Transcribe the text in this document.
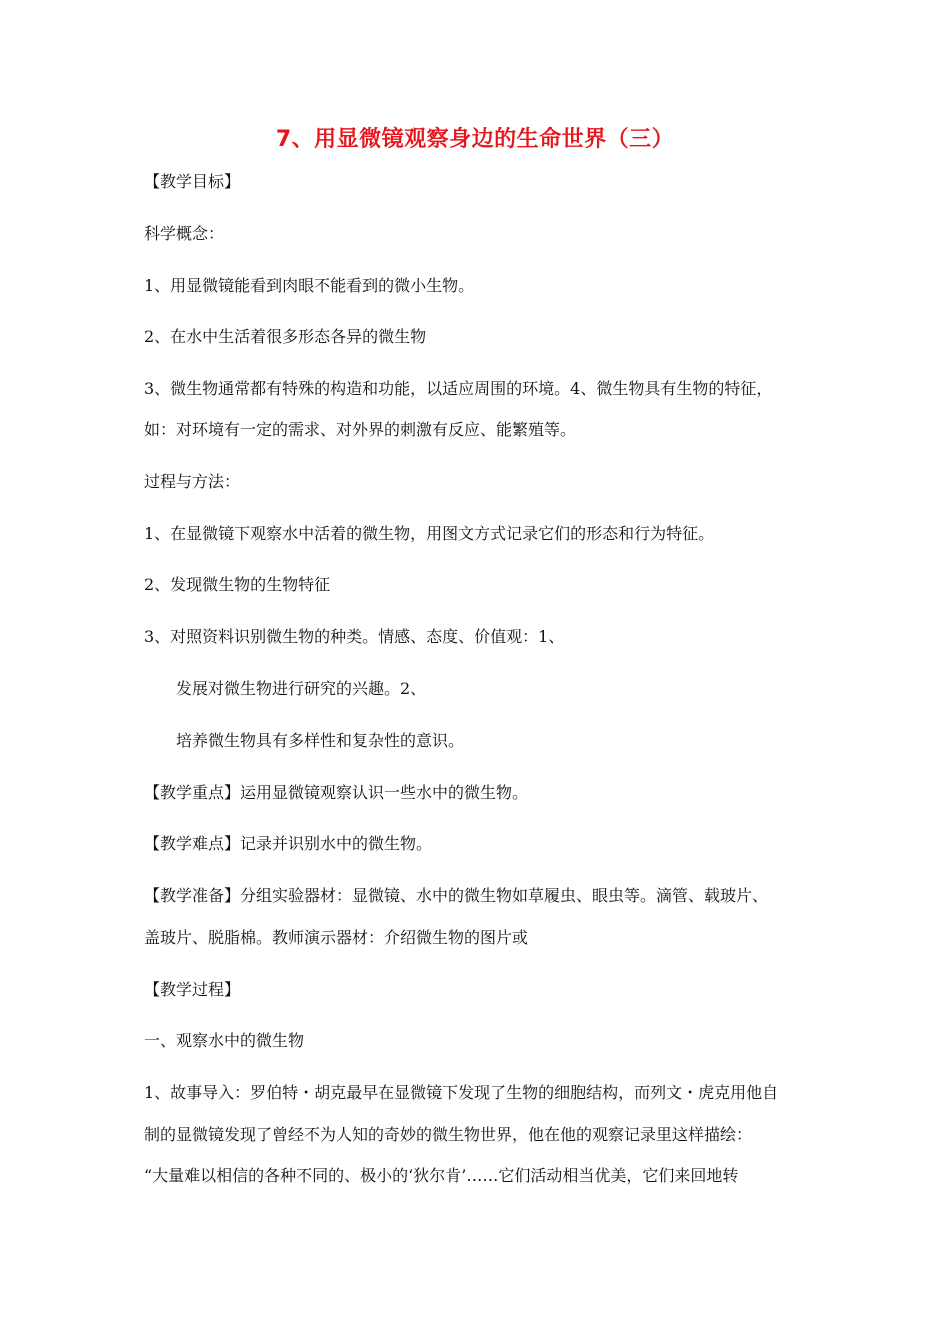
7、用显微镜观察身边的生命世界（三）
【教学目标】
科学概念：
1、用显微镜能看到肉眼不能看到的微小生物。
2、在水中生活着很多形态各异的微生物
3、微生物通常都有特殊的构造和功能，以适应周围的环境。4、微生物具有生物的特征，
如：对环境有一定的需求、对外界的刺激有反应、能繁殖等。
过程与方法：
1、在显微镜下观察水中活着的微生物，用图文方式记录它们的形态和行为特征。
2、发现微生物的生物特征
3、对照资料识别微生物的种类。情感、态度、价值观：1、
发展对微生物进行研究的兴趣。2、
培养微生物具有多样性和复杂性的意识。
【教学重点】运用显微镜观察认识一些水中的微生物。
【教学难点】记录并识别水中的微生物。
【教学准备】分组实验器材：显微镜、水中的微生物如草履虫、眼虫等。滴管、载玻片、
盖玻片、脱脂棉。教师演示器材：介绍微生物的图片或
【教学过程】
一、观察水中的微生物
1、故事导入：罗伯特・胡克最早在显微镜下发现了生物的细胞结构，而列文・虎克用他自
制的显微镜发现了曾经不为人知的奇妙的微生物世界，他在他的观察记录里这样描绘：
“大量难以相信的各种不同的、极小的‘狄尔肯’……它们活动相当优美，它们来回地转
